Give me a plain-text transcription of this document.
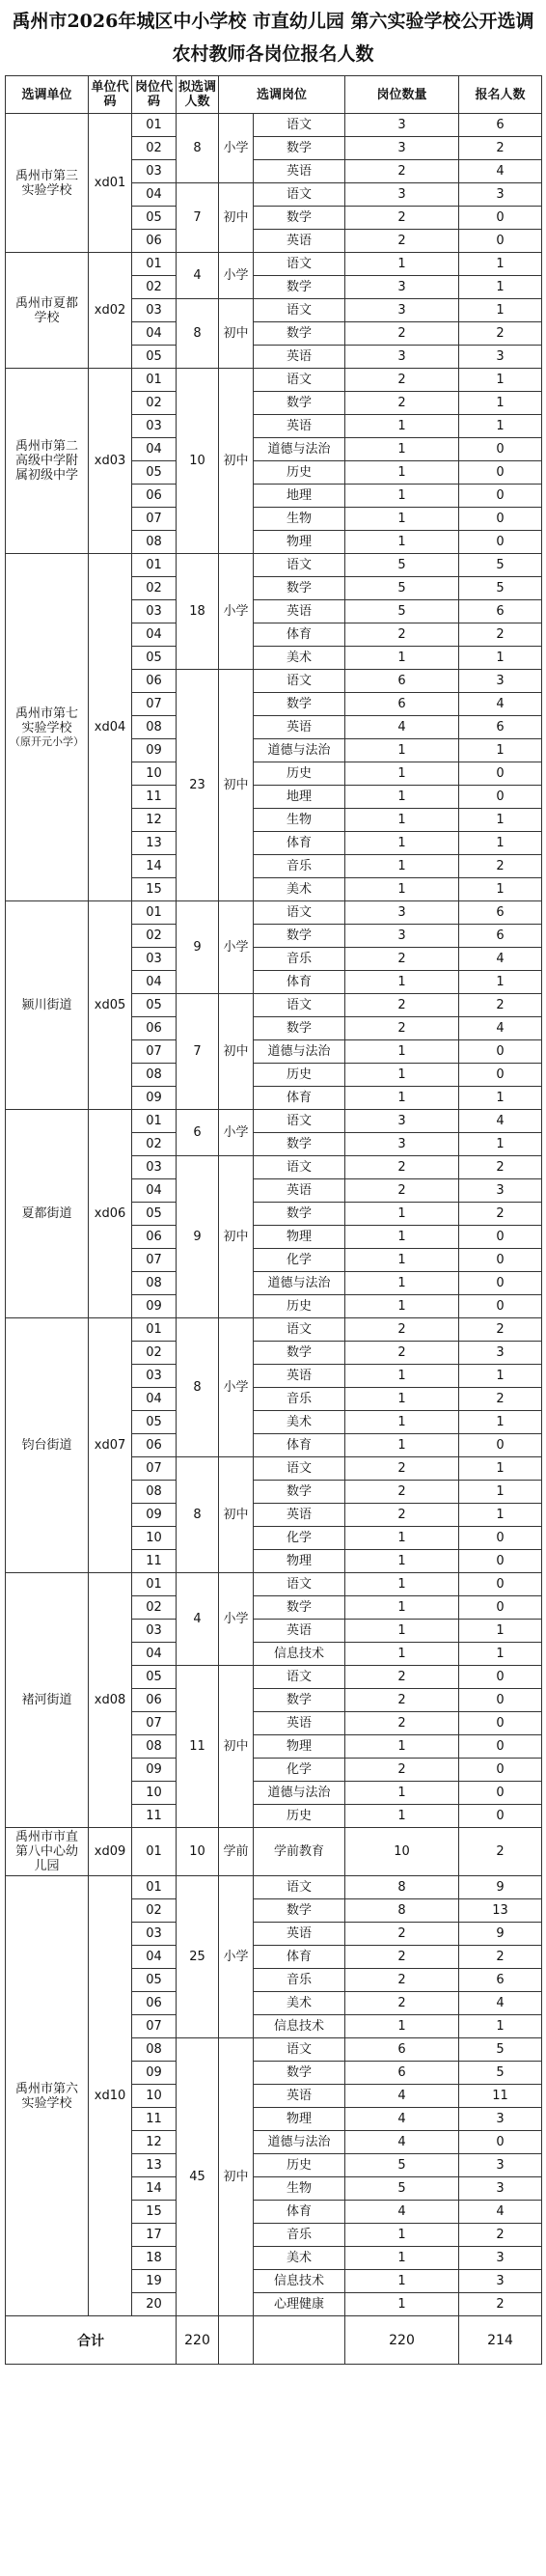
禹州市2026年城区中小学校 市直幼儿园 第六实验学校公开选调农村教师各岗位报名人数
选调单位	单位代码	岗位代码	拟选调人数	选调岗位		岗位数量	报名人数
禹州市第三实验学校	xd01	01	8	小学	语文	3	6
		02			数学	3	2
		03			英语	2	4
		04	7	初中	语文	3	3
		05			数学	2	0
		06			英语	2	0
禹州市夏都学校	xd02	01	4	小学	语文	1	1
		02			数学	3	1
		03	8	初中	语文	3	1
		04			数学	2	2
		05			英语	3	3
禹州市第二高级中学附属初级中学	xd03	01	10	初中	语文	2	1
		02			数学	2	1
		03			英语	1	1
		04			道德与法治	1	0
		05			历史	1	0
		06			地理	1	0
		07			生物	1	0
		08			物理	1	0
禹州市第七实验学校
（原开元小学）	xd04	01	18	小学	语文	5	5
		02			数学	5	5
		03			英语	5	6
		04			体育	2	2
		05			美术	1	1
		06	23	初中	语文	6	3
		07			数学	6	4
		08			英语	4	6
		09			道德与法治	1	1
		10			历史	1	0
		11			地理	1	0
		12			生物	1	1
		13			体育	1	1
		14			音乐	1	2
		15			美术	1	1
颍川街道	xd05	01	9	小学	语文	3	6
		02			数学	3	6
		03			音乐	2	4
		04			体育	1	1
		05	7	初中	语文	2	2
		06			数学	2	4
		07			道德与法治	1	0
		08			历史	1	0
		09			体育	1	1
夏都街道	xd06	01	6	小学	语文	3	4
		02			数学	3	1
		03	9	初中	语文	2	2
		04			英语	2	3
		05			数学	1	2
		06			物理	1	0
		07			化学	1	0
		08			道德与法治	1	0
		09			历史	1	0
钧台街道	xd07	01	8	小学	语文	2	2
		02			数学	2	3
		03			英语	1	1
		04			音乐	1	2
		05			美术	1	1
		06			体育	1	0
		07	8	初中	语文	2	1
		08			数学	2	1
		09			英语	2	1
		10			化学	1	0
		11			物理	1	0
褚河街道	xd08	01	4	小学	语文	1	0
		02			数学	1	0
		03			英语	1	1
		04			信息技术	1	1
		05	11	初中	语文	2	0
		06			数学	2	0
		07			英语	2	0
		08			物理	1	0
		09			化学	2	0
		10			道德与法治	1	0
		11			历史	1	0
禹州市市直第八中心幼儿园	xd09	01	10	学前	学前教育	10	2
禹州市第六实验学校	xd10	01	25	小学	语文	8	9
		02			数学	8	13
		03			英语	2	9
		04			体育	2	2
		05			音乐	2	6
		06			美术	2	4
		07			信息技术	1	1
		08	45	初中	语文	6	5
		09			数学	6	5
		10			英语	4	11
		11			物理	4	3
		12			道德与法治	4	0
		13			历史	5	3
		14			生物	5	3
		15			体育	4	4
		17			音乐	1	2
		18			美术	1	3
		19			信息技术	1	3
		20			心理健康	1	2
合计			220			220	214
